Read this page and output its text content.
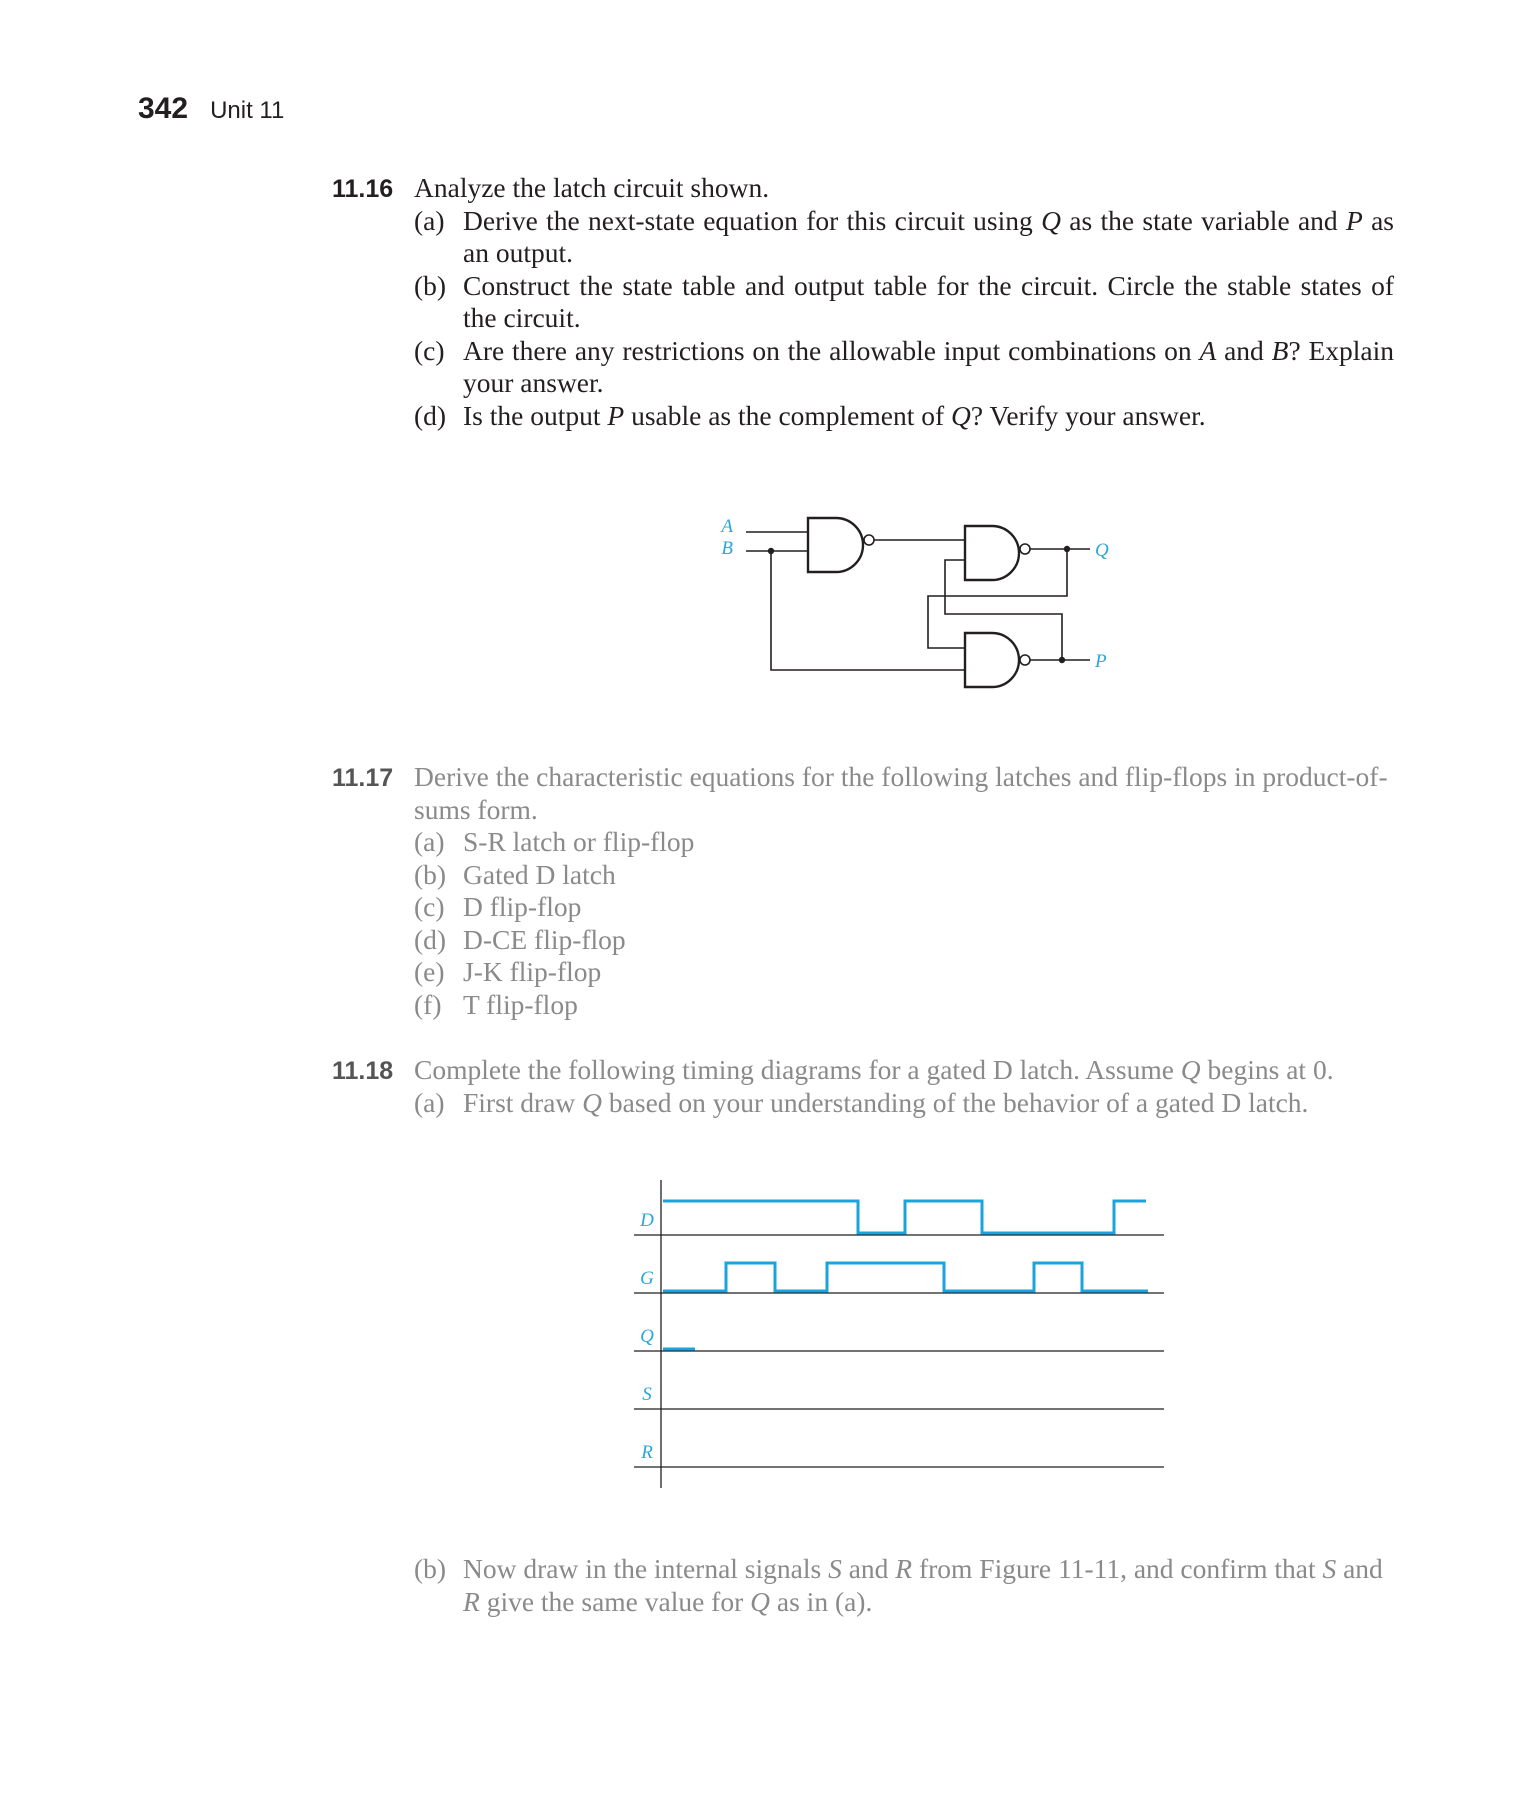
342 Unit 11
11.16 Analyze the latch circuit shown.
(a) Derive the next-state equation for this circuit using Q as the state variable and P as an output.
(b) Construct the state table and output table for the circuit. Circle the stable states of the circuit.
(c) Are there any restrictions on the allowable input combinations on A and B? Explain your answer.
(d) Is the output P usable as the complement of Q? Verify your answer.
A
B	Q
P
11.17 Derive the characteristic equations for the following latches and flip-flops in product-of-sums form.
(a) S-R latch or flip-flop
(b) Gated D latch
(c) D flip-flop
(d) D-CE flip-flop
(e) J-K flip-flop
(f) T flip-flop
11.18 Complete the following timing diagrams for a gated D latch. Assume Q begins at 0.
(a) First draw Q based on your understanding of the behavior of a gated D latch.
D
G
Q
S
R
(b) Now draw in the internal signals S and R from Figure 11-11, and confirm that S and R give the same value for Q as in (a).
